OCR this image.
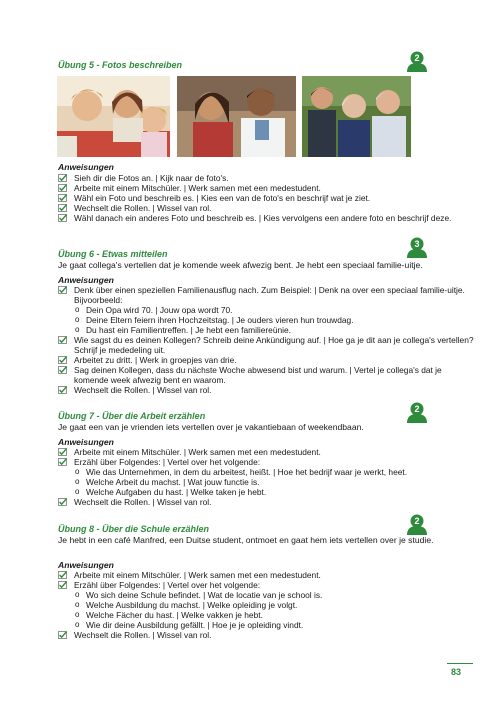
Übung 5 - Fotos beschreiben
2
Anweisungen
Sieh dir die Fotos an. | Kijk naar de foto's.
Arbeite mit einem Mitschüler. | Werk samen met een medestudent.
Wähl ein Foto und beschreib es. | Kies een van de foto's en beschrijf wat je ziet.
Wechselt die Rollen. | Wissel van rol.
Wähl danach ein anderes Foto und beschreib es. | Kies vervolgens een andere foto en beschrijf deze.
Übung 6 - Etwas mitteilen
3
Je gaat collega's vertellen dat je komende week afwezig bent. Je hebt een speciaal familie-uitje.
Anweisungen
Denk über einen speziellen Familienausflug nach. Zum Beispiel: | Denk na over een speciaal familie-uitje. Bijvoorbeeld:
o Dein Opa wird 70. | Jouw opa wordt 70.
o Deine Eltern feiern ihren Hochzeitstag. | Je ouders vieren hun trouwdag.
o Du hast ein Familientreffen. | Je hebt een familiereünie.
Wie sagst du es deinen Kollegen? Schreib deine Ankündigung auf. | Hoe ga je dit aan je collega's vertellen? Schrijf je mededeling uit.
Arbeitet zu dritt. | Werk in groepjes van drie.
Sag deinen Kollegen, dass du nächste Woche abwesend bist und warum. | Vertel je collega's dat je komende week afwezig bent en waarom.
Wechselt die Rollen. | Wissel van rol.
Übung 7 - Über die Arbeit erzählen
2
Je gaat een van je vrienden iets vertellen over je vakantiebaan of weekendbaan.
Anweisungen
Arbeite mit einem Mitschüler. | Werk samen met een medestudent.
Erzähl über Folgendes: | Vertel over het volgende:
o Wie das Unternehmen, in dem du arbeitest, heißt. | Hoe het bedrijf waar je werkt, heet.
o Welche Arbeit du machst. | Wat jouw functie is.
o Welche Aufgaben du hast. | Welke taken je hebt.
Wechselt die Rollen. | Wissel van rol.
Übung 8 - Über die Schule erzählen
2
Je hebt in een café Manfred, een Duitse student, ontmoet en gaat hem iets vertellen over je studie.
Anweisungen
Arbeite mit einem Mitschüler. | Werk samen met een medestudent.
Erzähl über Folgendes: | Vertel over het volgende:
o Wo sich deine Schule befindet. | Wat de locatie van je school is.
o Welche Ausbildung du machst. | Welke opleiding je volgt.
o Welche Fächer du hast. | Welke vakken je hebt.
o Wie dir deine Ausbildung gefällt. | Hoe je je opleiding vindt.
Wechselt die Rollen. | Wissel van rol.
83
